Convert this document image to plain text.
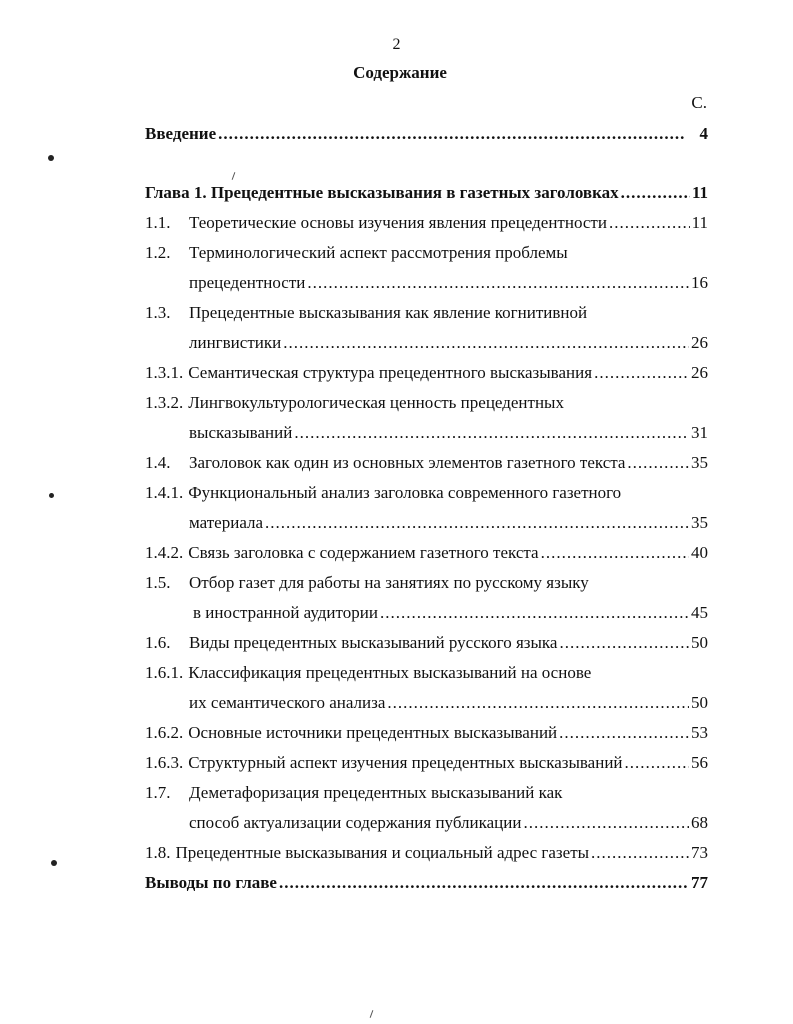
2
Содержание
С.
Введение .....	4
Глава 1. Прецедентные высказывания в газетных заголовках .....	11
1.1.	Теоретические основы изучения явления прецедентности .....	11
1.2.	Терминологический аспект рассмотрения проблемы
прецедентности .....	16
1.3.	Прецедентные высказывания как явление когнитивной
лингвистики .....	26
1.3.1. Семантическая структура прецедентного высказывания .....	26
1.3.2. Лингвокультурологическая ценность прецедентных
высказываний .....	31
1.4.	Заголовок как один из основных элементов газетного текста .....	35
1.4.1. Функциональный анализ заголовка современного газетного
материала .....	35
1.4.2. Связь заголовка с содержанием газетного текста .....	40
1.5.	Отбор газет для работы на занятиях по русскому языку
в иностранной аудитории .....	45
1.6.	Виды прецедентных высказываний русского языка .....	50
1.6.1. Классификация прецедентных высказываний на основе
их семантического анализа .....	50
1.6.2. Основные источники прецедентных высказываний .....	53
1.6.3. Структурный аспект изучения прецедентных высказываний .....	56
1.7.	Деметафоризация прецедентных высказываний как
способ актуализации содержания публикации .....	68
1.8. Прецедентные высказывания и социальный адрес газеты .....	73
Выводы по главе .....	77
